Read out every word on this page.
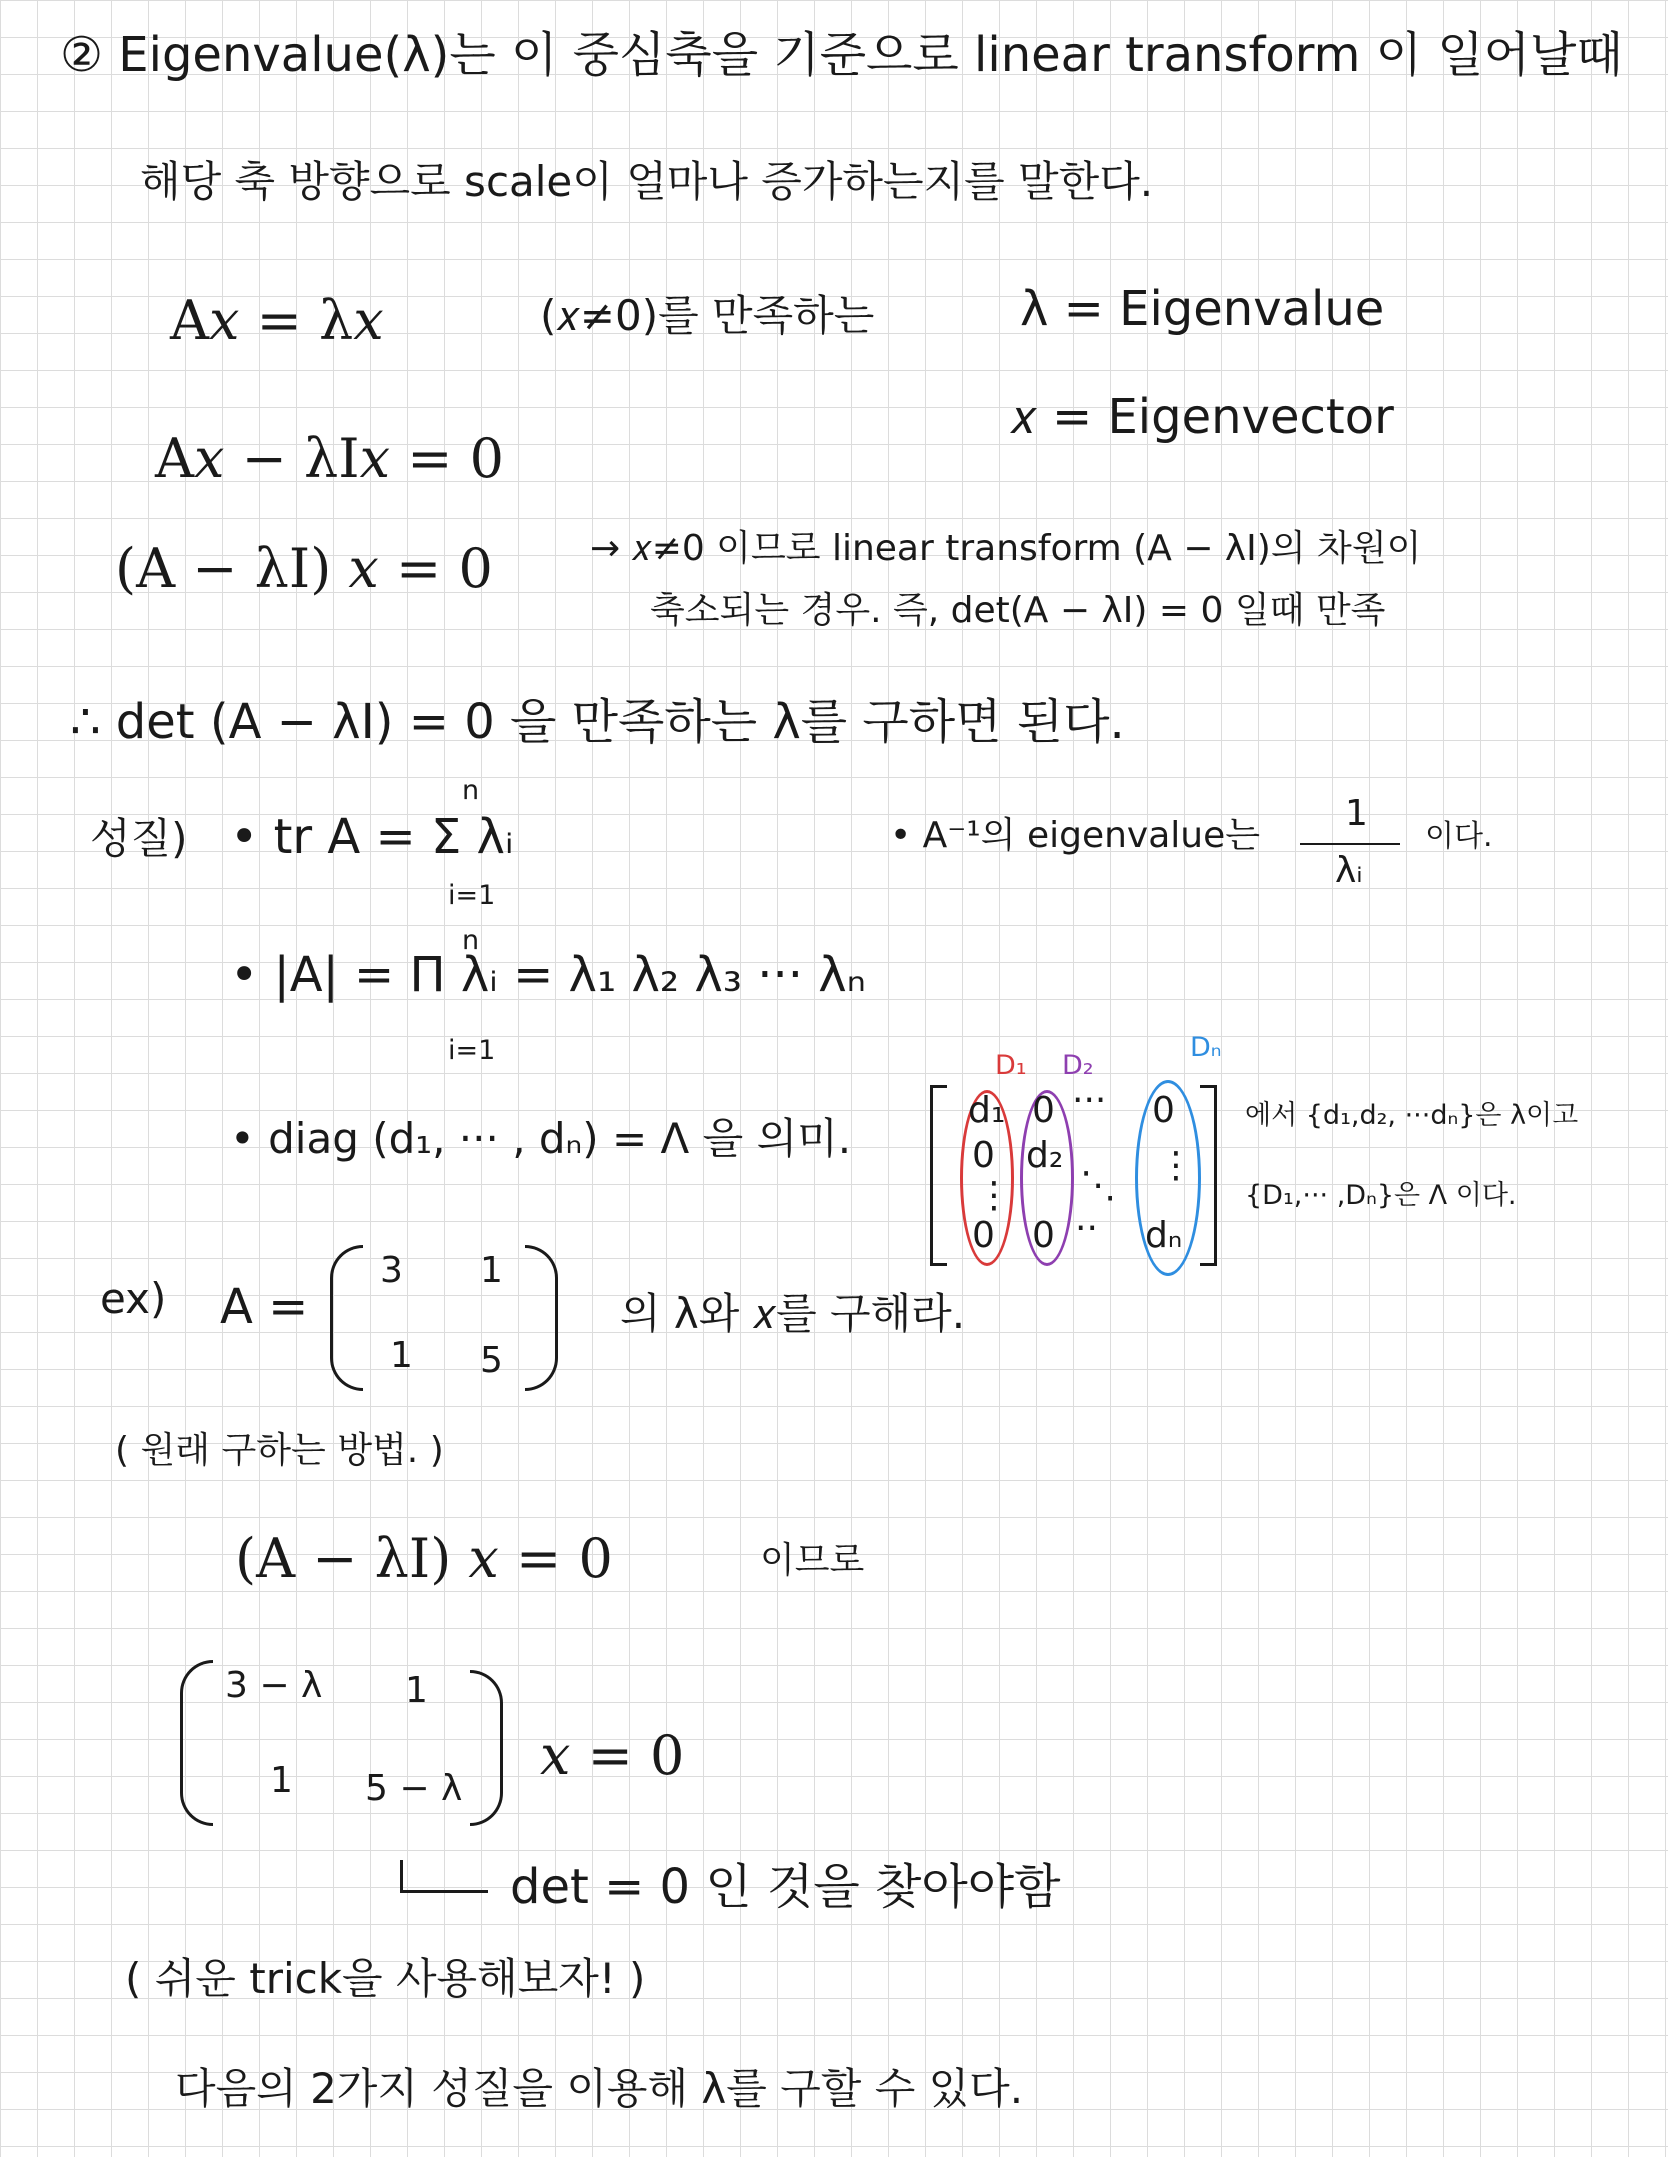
② Eigenvalue(λ)는 이 중심축을 기준으로 linear transform 이 일어날때
해당 축 방향으로 scale이 얼마나 증가하는지를 말한다.
A𝑥 = λ𝑥	(𝑥≠0)를 만족하는	λ = Eigenvalue
𝑥 = Eigenvector
A𝑥 − λI𝑥 = 0
(A − λI) 𝑥 = 0	→ 𝑥≠0 이므로 linear transform (A − λI)의 차원이
축소되는 경우. 즉, det(A − λI) = 0 일때 만족
∴ det (A − λI) = 0 을 만족하는 λ를 구하면 된다.
성질) • tr A = Σ λᵢ
n
i=1
• A⁻¹의 eigenvalue는
1
λᵢ
이다.
• |A| = Π λᵢ = λ₁ λ₂ λ₃ ··· λₙ
n
i=1
• diag (d₁, ··· , dₙ) = Λ 을 의미.
D₁ D₂
Dₙ
d₁ 0 ··· 0
0 d₂	⋮
⋮ ⋱
0 0 ·· dₙ
에서 {d₁,d₂, ···dₙ}은 λ이고
{D₁,··· ,Dₙ}은 Λ 이다.
ex) A =
3 1
1 5
의 λ와 𝑥를 구해라.
( 원래 구하는 방법. )
(A − λI) 𝑥 = 0	이므로
3 − λ 1
1 5 − λ
𝑥 = 0
det = 0 인 것을 찾아야함
( 쉬운 trick을 사용해보자! )
다음의 2가지 성질을 이용해 λ를 구할 수 있다.
